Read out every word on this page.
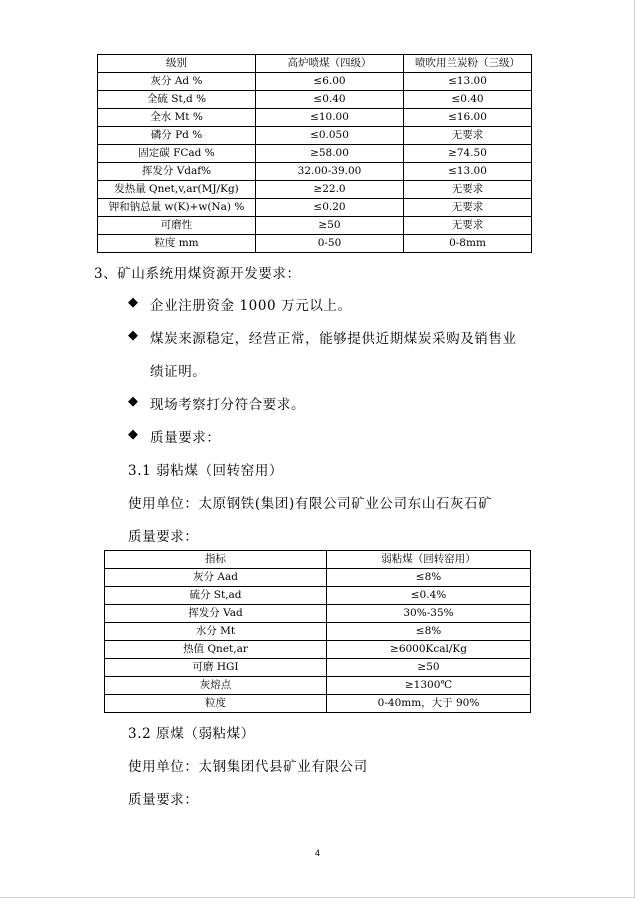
级别	高炉喷煤（四级）	喷吹用兰炭粉（三级）
灰分 Ad %	≤6.00	≤13.00
全硫 St,d %	≤0.40	≤0.40
全水 Mt %	≤10.00	≤16.00
磷分 Pd %	≤0.050	无要求
固定碳 FCad %	≥58.00	≥74.50
挥发分 Vdaf%	32.00-39.00	≤13.00
发热量 Qnet,v,ar(MJ/Kg)	≥22.0	无要求
钾和钠总量 w(K)+w(Na) %	≤0.20	无要求
可磨性	≥50	无要求
粒度 mm	0-50	0-8mm
3、矿山系统用煤资源开发要求：
◆ 企业注册资金 1000 万元以上。
◆ 煤炭来源稳定，经营正常，能够提供近期煤炭采购及销售业
绩证明。
◆ 现场考察打分符合要求。
◆ 质量要求：
3.1 弱粘煤（回转窑用）
使用单位：太原钢铁(集团)有限公司矿业公司东山石灰石矿
质量要求：
指标	弱粘煤（回转窑用）
灰分 Aad	≤8%
硫分 St,ad	≤0.4%
挥发分 Vad	30%-35%
水分 Mt	≤8%
热值 Qnet,ar	≥6000Kcal/Kg
可磨 HGI	≥50
灰熔点	≥1300℃
粒度	0-40mm，大于 90%
3.2 原煤（弱粘煤）
使用单位：太钢集团代县矿业有限公司
质量要求：
4
